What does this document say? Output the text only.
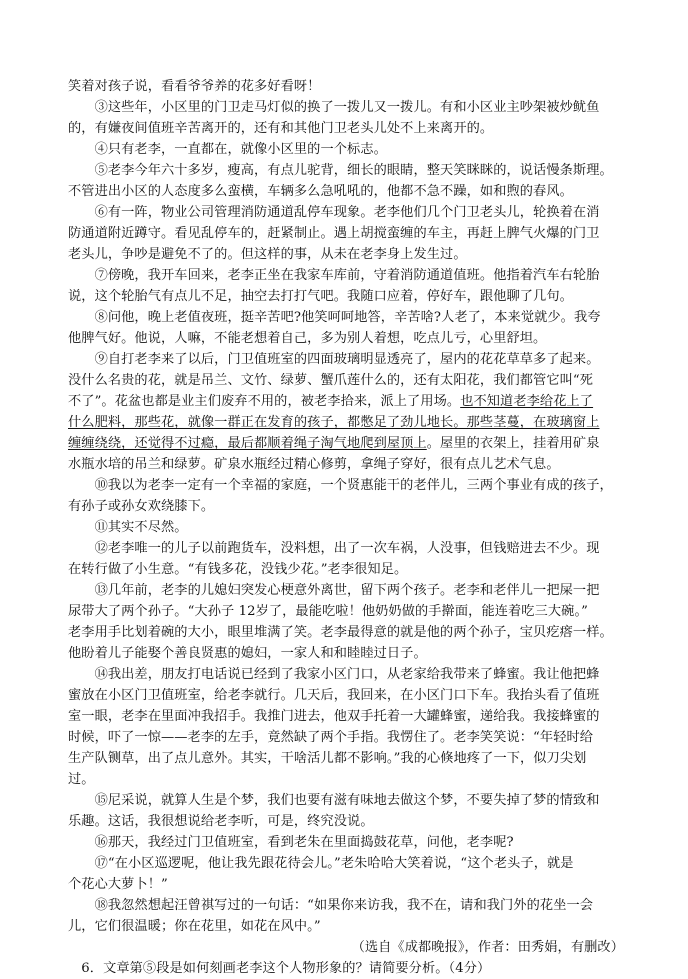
笑着对孩子说，看看爷爷养的花多好看呀！
　　③这些年，小区里的门卫走马灯似的换了一拨儿又一拨儿。有和小区业主吵架被炒鱿鱼
的，有嫌夜间值班辛苦离开的，还有和其他门卫老头儿处不上来离开的。
　　④只有老李，一直都在，就像小区里的一个标志。
　　⑤老李今年六十多岁，瘦高，有点儿驼背，细长的眼睛，整天笑眯眯的，说话慢条斯理。
不管进出小区的人态度多么蛮横，车辆多么急吼吼的，他都不急不躁，如和煦的春风。
　　⑥有一阵，物业公司管理消防通道乱停车现象。老李他们几个门卫老头儿，轮换着在消
防通道附近蹲守。看见乱停车的，赶紧制止。遇上胡搅蛮缠的车主，再赶上脾气火爆的门卫
老头儿，争吵是避免不了的。但这样的事，从未在老李身上发生过。
　　⑦傍晚，我开车回来，老李正坐在我家车库前，守着消防通道值班。他指着汽车右轮胎
说，这个轮胎气有点儿不足，抽空去打打气吧。我随口应着，停好车，跟他聊了几句。
　　⑧问他，晚上老值夜班，挺辛苦吧?他笑呵呵地答，辛苦啥?人老了，本来觉就少。我夸
他脾气好。他说，人嘛，不能老想着自己，多为别人着想，吃点儿亏，心里舒坦。
　　⑨自打老李来了以后，门卫值班室的四面玻璃明显透亮了，屋内的花花草草多了起来。
没什么名贵的花，就是吊兰、文竹、绿萝、蟹爪莲什么的，还有太阳花，我们都管它叫“死
不了”。花盆也都是业主们废弃不用的，被老李拾来，派上了用场。也不知道老李给花上了
什么肥料，那些花，就像一群正在发育的孩子，都憋足了劲儿地长。那些茎蔓，在玻璃窗上
缠缠绕绕，还觉得不过瘾，最后都顺着绳子淘气地爬到屋顶上。屋里的衣架上，挂着用矿泉
水瓶水培的吊兰和绿萝。矿泉水瓶经过精心修剪，拿绳子穿好，很有点儿艺术气息。
　　⑩我以为老李一定有一个幸福的家庭，一个贤惠能干的老伴儿，三两个事业有成的孩子，
有孙子或孙女欢绕膝下。
　　⑪其实不尽然。
　　⑫老李唯一的儿子以前跑货车，没料想，出了一次车祸，人没事，但钱赔进去不少。现
在转行做了小生意。“有钱多花，没钱少花。”老李很知足。
　　⑬几年前，老李的儿媳妇突发心梗意外离世，留下两个孩子。老李和老伴儿一把屎一把
尿带大了两个孙子。“大孙子 12岁了，最能吃啦！他奶奶做的手擀面，能连着吃三大碗。”
老李用手比划着碗的大小，眼里堆满了笑。老李最得意的就是他的两个孙子，宝贝疙瘩一样。
他盼着儿子能娶个善良贤惠的媳妇，一家人和和睦睦过日子。
　　⑭我出差，朋友打电话说已经到了我家小区门口，从老家给我带来了蜂蜜。我让他把蜂
蜜放在小区门卫值班室，给老李就行。几天后，我回来，在小区门口下车。我抬头看了值班
室一眼，老李在里面冲我招手。我推门进去，他双手托着一大罐蜂蜜，递给我。我接蜂蜜的
时候，吓了一惊——老李的左手，竟然缺了两个手指。我愣住了。老李笑笑说：“年轻时给
生产队铡草，出了点儿意外。其实，干啥活儿都不影响。”我的心倏地疼了一下，似刀尖划
过。
　　⑮尼采说，就算人生是个梦，我们也要有滋有味地去做这个梦，不要失掉了梦的情致和
乐趣。这话，我很想说给老李听，可是，终究没说。
　　⑯那天，我经过门卫值班室，看到老朱在里面捣鼓花草，问他，老李呢?
　　⑰“在小区巡逻呢，他让我先跟花待会儿。”老朱哈哈大笑着说，“这个老头子，就是
个花心大萝卜！”
　　⑱我忽然想起汪曾祺写过的一句话：“如果你来访我，我不在，请和我门外的花坐一会
儿，它们很温暖；你在花里，如花在风中。”
（选自《成都晚报》，作者：田秀娟，有删改）
　6．文章第⑤段是如何刻画老李这个人物形象的？请简要分析。（4分）
